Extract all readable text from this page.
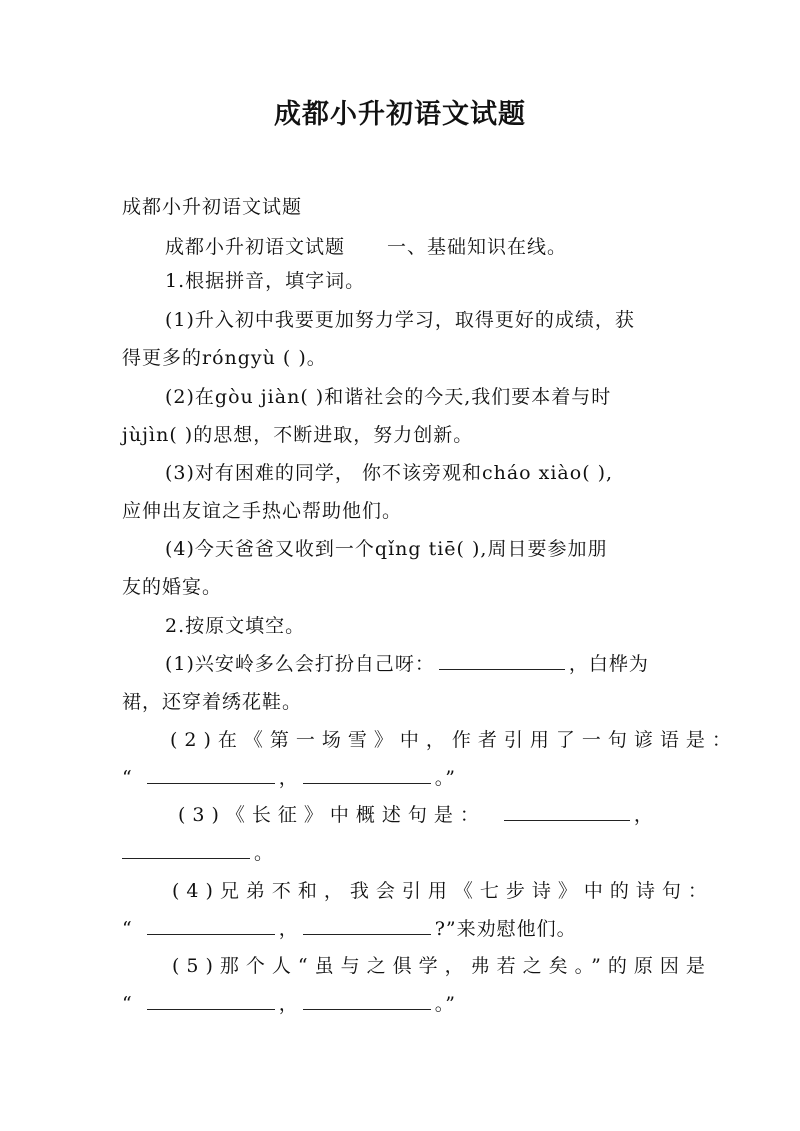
成都小升初语文试题
成都小升初语文试题
成都小升初语文试题 一、基础知识在线。
1.根据拼音，填字词。
(1)升入初中我要更加努力学习，取得更好的成绩，获
得更多的róngyù ( )。
(2)在gòu jiàn( )和谐社会的今天,我们要本着与时
jùjìn( )的思想，不断进取，努力创新。
(3)对有困难的同学， 你不该旁观和cháo xiào( ),
应伸出友谊之手热心帮助他们。
(4)今天爸爸又收到一个qǐng tiē( ),周日要参加朋
友的婚宴。
2.按原文填空。
(1)兴安岭多么会打扮自己呀：	，白桦为
裙，还穿着绣花鞋。
(2)在《第一场雪》中，作者引用了一句谚语是：
“	，	。”
(3)《长征》中概述句是：	，
。
(4)兄弟不和，我会引用《七步诗》中的诗句：
“	，	?”来劝慰他们。
(5)那个人“虽与之俱学，弗若之矣。”的原因是
“	，	。”
